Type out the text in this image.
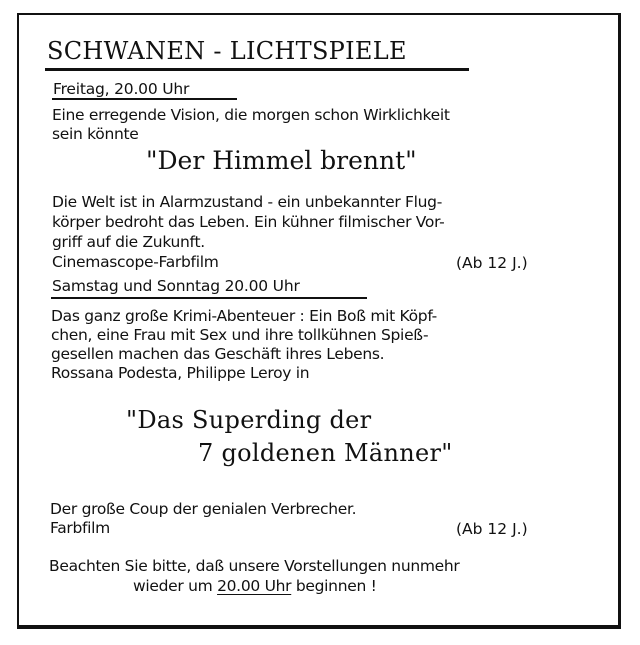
SCHWANEN - LICHTSPIELE
Freitag, 20.00 Uhr
Eine erregende Vision, die morgen schon Wirklichkeit
sein könnte
"Der Himmel brennt"
Die Welt ist in Alarmzustand - ein unbekannter Flug-
körper bedroht das Leben. Ein kühner filmischer Vor-
griff auf die Zukunft.
Cinemascope-Farbfilm	(Ab 12 J.)
Samstag und Sonntag 20.00 Uhr
Das ganz große Krimi-Abenteuer : Ein Boß mit Köpf-
chen, eine Frau mit Sex und ihre tollkühnen Spieß-
gesellen machen das Geschäft ihres Lebens.
Rossana Podesta, Philippe Leroy in
"Das Superding der
7 goldenen Männer"
Der große Coup der genialen Verbrecher.
Farbfilm	(Ab 12 J.)
Beachten Sie bitte, daß unsere Vorstellungen nunmehr
wieder um 20.00 Uhr beginnen !
